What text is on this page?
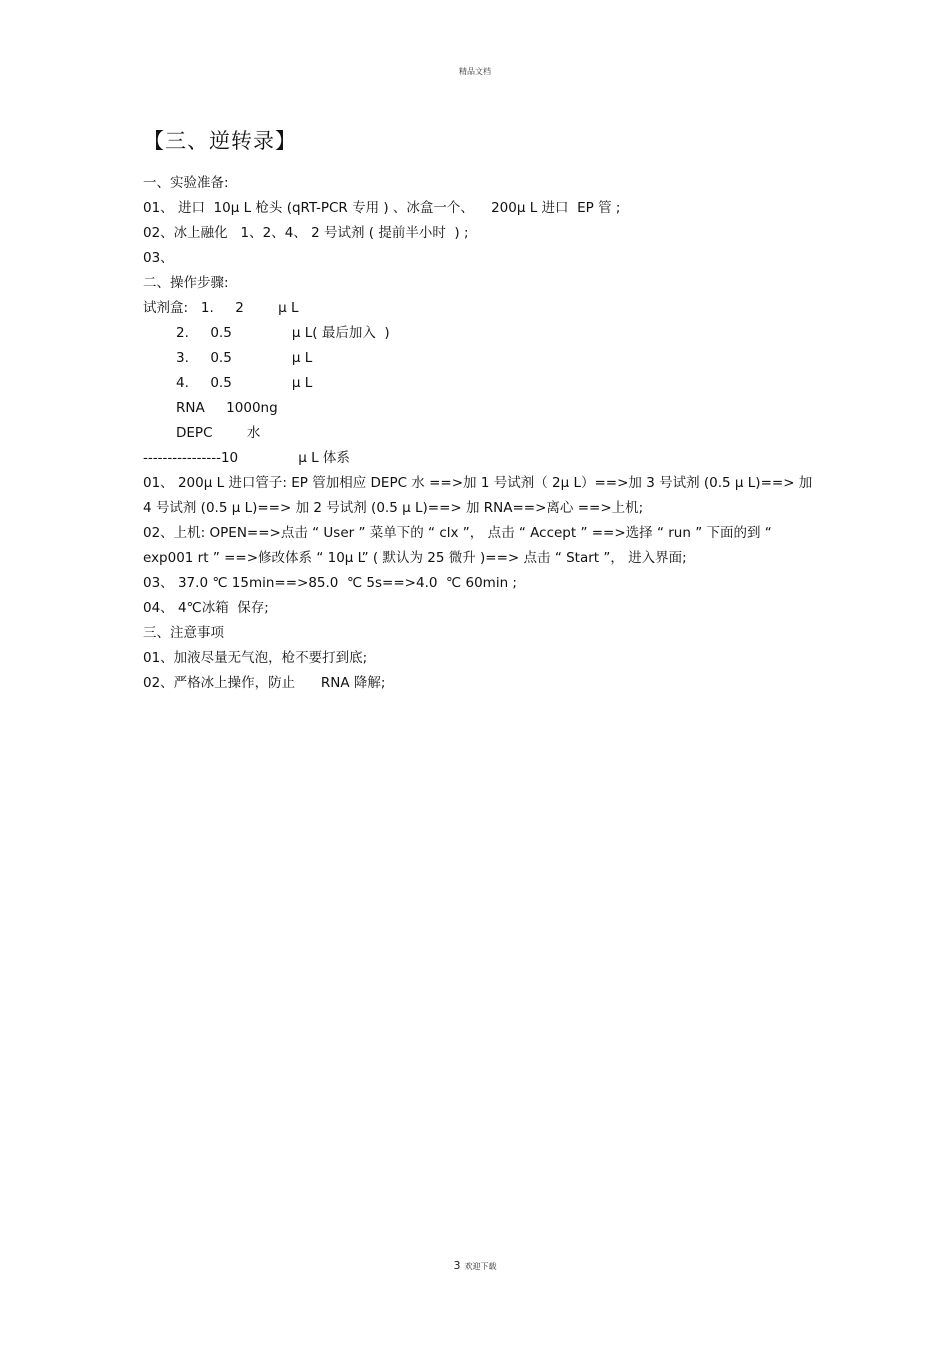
精品文档
【三、逆转录】
一、实验准备:
01、 进口  10μ L 枪头 (qRT-PCR 专用 ) 、冰盒一个、    200μ L 进口  EP 管 ;
02、冰上融化   1、2、4、 2 号试剂 ( 提前半小时  ) ;
03、
二、操作步骤:
试剂盒:   1.     2        μ L
2.     0.5              μ L( 最后加入  )
3.     0.5              μ L
4.     0.5              μ L
RNA     1000ng
DEPC        水
----------------10              μ L 体系
01、 200μ L 进口管子: EP 管加相应 DEPC 水 ==>加 1 号试剂（ 2μ L）==>加 3 号试剂 (0.5 μ L)==> 加 4 号试剂 (0.5 μ L)==> 加 2 号试剂 (0.5 μ L)==> 加 RNA==>离心 ==>上机;
02、上机: OPEN==>点击 “ User ” 菜单下的 “ clx ”， 点击 “ Accept ” ==>选择 “ run ” 下面的到 “ exp001 rt ” ==>修改体系 “ 10μ L” ( 默认为 25 微升 )==> 点击 “ Start ”， 进入界面;
03、 37.0 ℃ 15min==>85.0  ℃ 5s==>4.0  ℃ 60min ;
04、 4℃冰箱  保存;
三、注意事项
01、加液尽量无气泡，枪不要打到底;
02、严格冰上操作，防止      RNA 降解;
3 欢迎下载
